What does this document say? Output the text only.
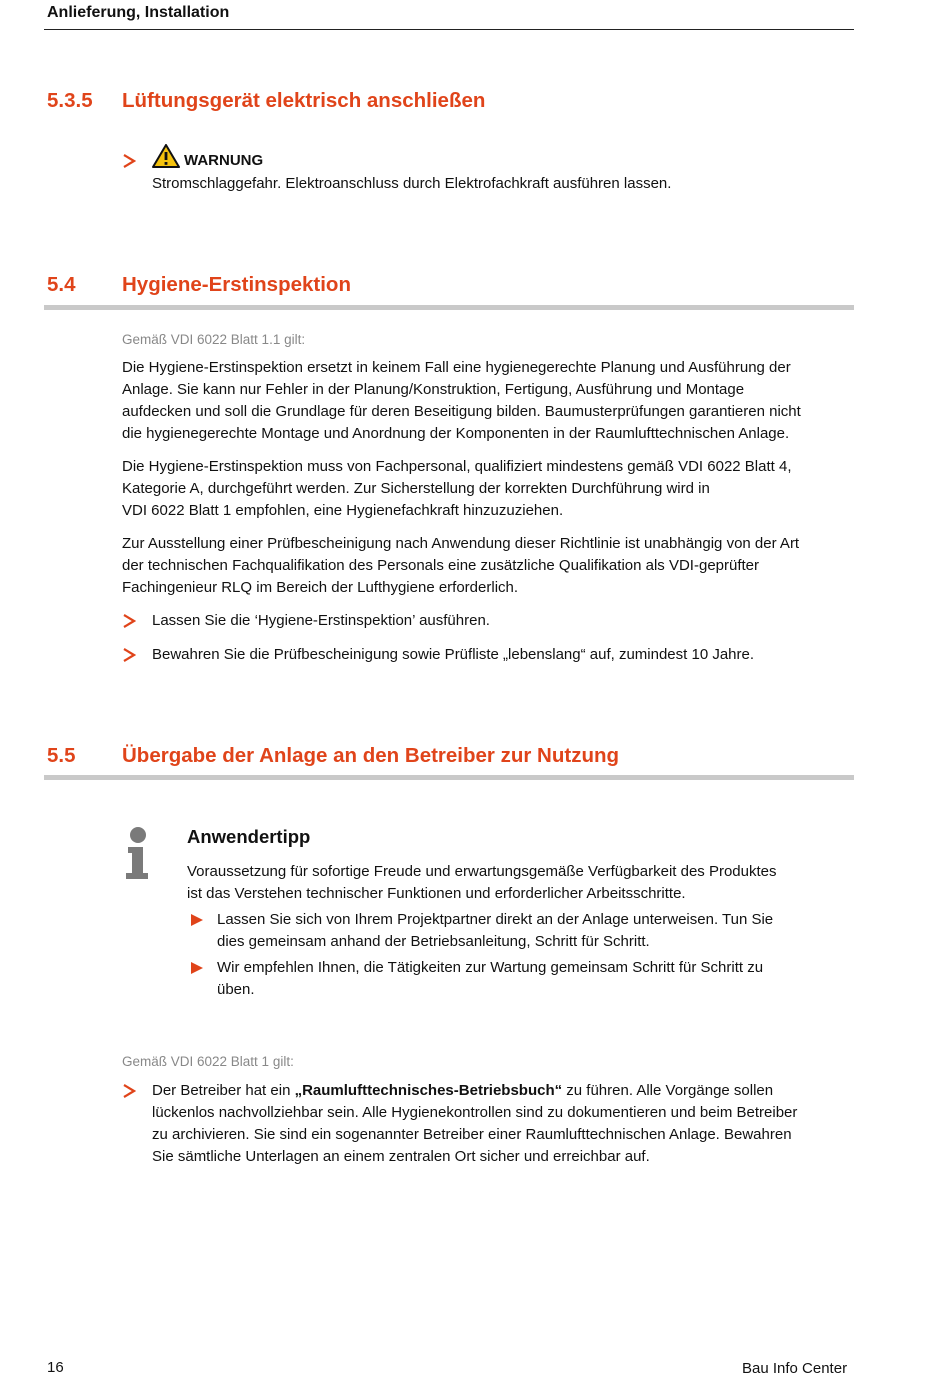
Anlieferung, Installation
5.3.5 Lüftungsgerät elektrisch anschließen
WARNUNG
Stromschlaggefahr. Elektroanschluss durch Elektrofachkraft ausführen lassen.
5.4 Hygiene-Erstinspektion
Gemäß VDI 6022 Blatt 1.1 gilt:
Die Hygiene-Erstinspektion ersetzt in keinem Fall eine hygienegerechte Planung und Ausführung der
Anlage. Sie kann nur Fehler in der Planung/Konstruktion, Fertigung, Ausführung und Montage
aufdecken und soll die Grundlage für deren Beseitigung bilden. Baumusterprüfungen garantieren nicht
die hygienegerechte Montage und Anordnung der Komponenten in der Raumlufttechnischen Anlage.
Die Hygiene-Erstinspektion muss von Fachpersonal, qualifiziert mindestens gemäß VDI 6022 Blatt 4,
Kategorie A, durchgeführt werden. Zur Sicherstellung der korrekten Durchführung wird in
VDI 6022 Blatt 1 empfohlen, eine Hygienefachkraft hinzuzuziehen.
Zur Ausstellung einer Prüfbescheinigung nach Anwendung dieser Richtlinie ist unabhängig von der Art
der technischen Fachqualifikation des Personals eine zusätzliche Qualifikation als VDI-geprüfter
Fachingenieur RLQ im Bereich der Lufthygiene erforderlich.
Lassen Sie die ‘Hygiene-Erstinspektion’ ausführen.
Bewahren Sie die Prüfbescheinigung sowie Prüfliste „lebenslang“ auf, zumindest 10 Jahre.
5.5 Übergabe der Anlage an den Betreiber zur Nutzung
Anwendertipp
Voraussetzung für sofortige Freude und erwartungsgemäße Verfügbarkeit des Produktes
ist das Verstehen technischer Funktionen und erforderlicher Arbeitsschritte.
Lassen Sie sich von Ihrem Projektpartner direkt an der Anlage unterweisen. Tun Sie
dies gemeinsam anhand der Betriebsanleitung, Schritt für Schritt.
Wir empfehlen Ihnen, die Tätigkeiten zur Wartung gemeinsam Schritt für Schritt zu
üben.
Gemäß VDI 6022 Blatt 1 gilt:
Der Betreiber hat ein „Raumlufttechnisches-Betriebsbuch“ zu führen. Alle Vorgänge sollen
lückenlos nachvollziehbar sein. Alle Hygienekontrollen sind zu dokumentieren und beim Betreiber
zu archivieren. Sie sind ein sogenannter Betreiber einer Raumlufttechnischen Anlage. Bewahren
Sie sämtliche Unterlagen an einem zentralen Ort sicher und erreichbar auf.
16	Bau Info Center
